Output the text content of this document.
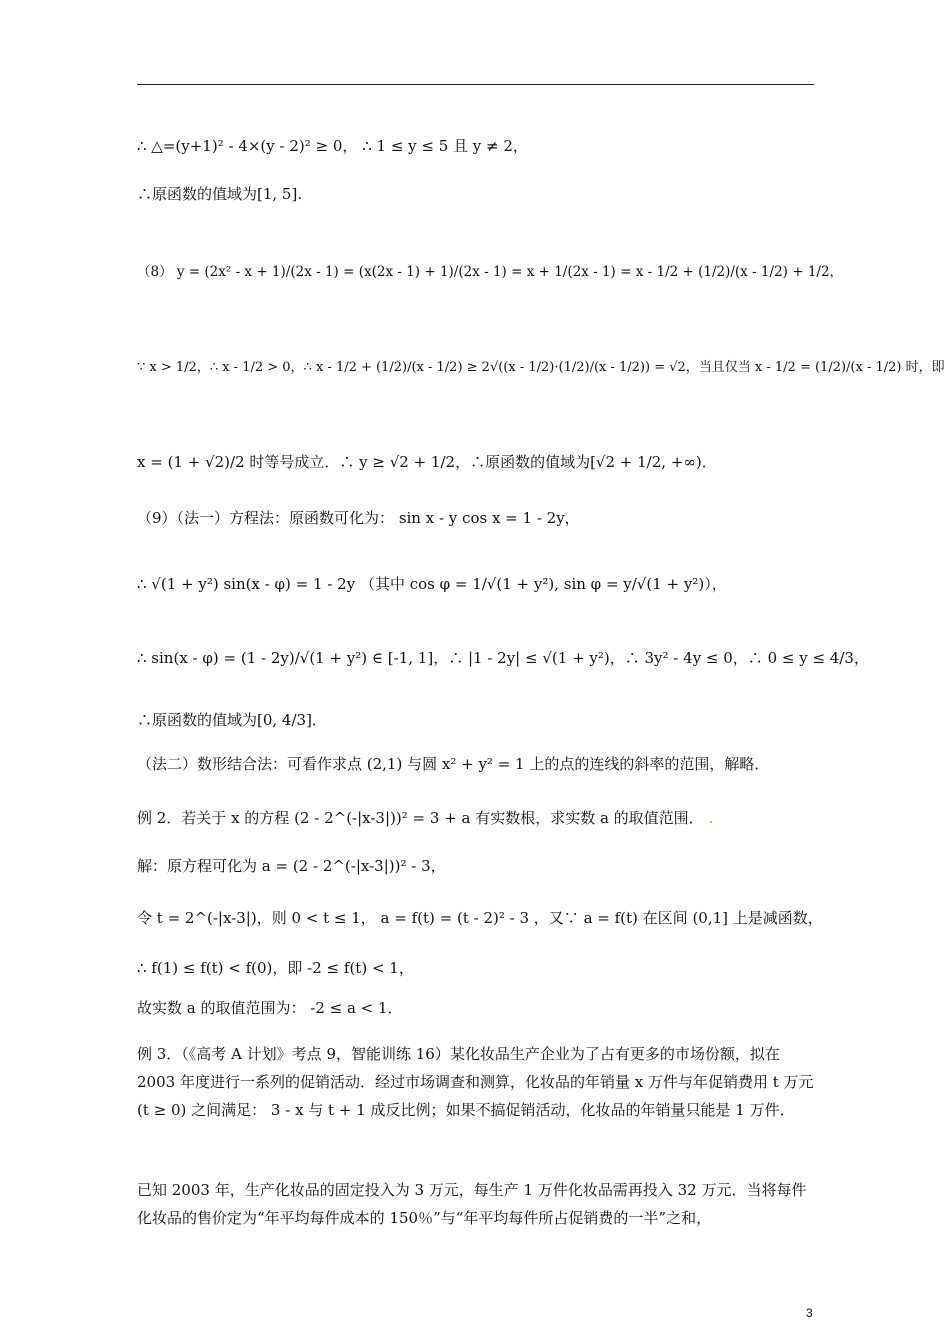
∴ △=(y+1)² - 4×(y - 2)² ≥ 0， ∴ 1 ≤ y ≤ 5 且 y ≠ 2，
∴原函数的值域为[1, 5].
（8） y = (2x² - x + 1)/(2x - 1) = (x(2x - 1) + 1)/(2x - 1) = x + 1/(2x - 1) = x - 1/2 + (1/2)/(x - 1/2) + 1/2，
∵ x > 1/2，∴ x - 1/2 > 0，∴ x - 1/2 + (1/2)/(x - 1/2) ≥ 2√((x - 1/2)·(1/2)/(x - 1/2)) = √2，当且仅当 x - 1/2 = (1/2)/(x - 1/2) 时，即
x = (1 + √2)/2 时等号成立．∴ y ≥ √2 + 1/2，∴原函数的值域为[√2 + 1/2, +∞)．
（9）（法一）方程法：原函数可化为： sin x - y cos x = 1 - 2y，
∴ √(1 + y²) sin(x - φ) = 1 - 2y （其中 cos φ = 1/√(1 + y²), sin φ = y/√(1 + y²)），
∴ sin(x - φ) = (1 - 2y)/√(1 + y²) ∈ [-1, 1]，∴ |1 - 2y| ≤ √(1 + y²)，∴ 3y² - 4y ≤ 0，∴ 0 ≤ y ≤ 4/3，
∴原函数的值域为[0, 4/3]．
（法二）数形结合法：可看作求点 (2,1) 与圆 x² + y² = 1 上的点的连线的斜率的范围，解略．
例 2．若关于 x 的方程 (2 - 2^(-|x-3|))² = 3 + a 有实数根，求实数 a 的取值范围． .
解：原方程可化为 a = (2 - 2^(-|x-3|))² - 3，
令 t = 2^(-|x-3|)，则 0 < t ≤ 1， a = f(t) = (t - 2)² - 3 ，又∵ a = f(t) 在区间 (0,1] 上是减函数，
∴ f(1) ≤ f(t) < f(0)，即 -2 ≤ f(t) < 1，
故实数 a 的取值范围为： -2 ≤ a < 1．
例 3．（《高考 A 计划》考点 9，智能训练 16）某化妆品生产企业为了占有更多的市场份额，拟在 2003 年度进行一系列的促销活动．经过市场调查和测算，化妆品的年销量 x 万件与年促销费用 t 万元 (t ≥ 0) 之间满足： 3 - x 与 t + 1 成反比例；如果不搞促销活动，化妆品的年销量只能是 1 万件．
已知 2003 年，生产化妆品的固定投入为 3 万元，每生产 1 万件化妆品需再投入 32 万元．当将每件化妆品的售价定为“年平均每件成本的 150％”与“年平均每件所占促销费的一半”之和，
3
